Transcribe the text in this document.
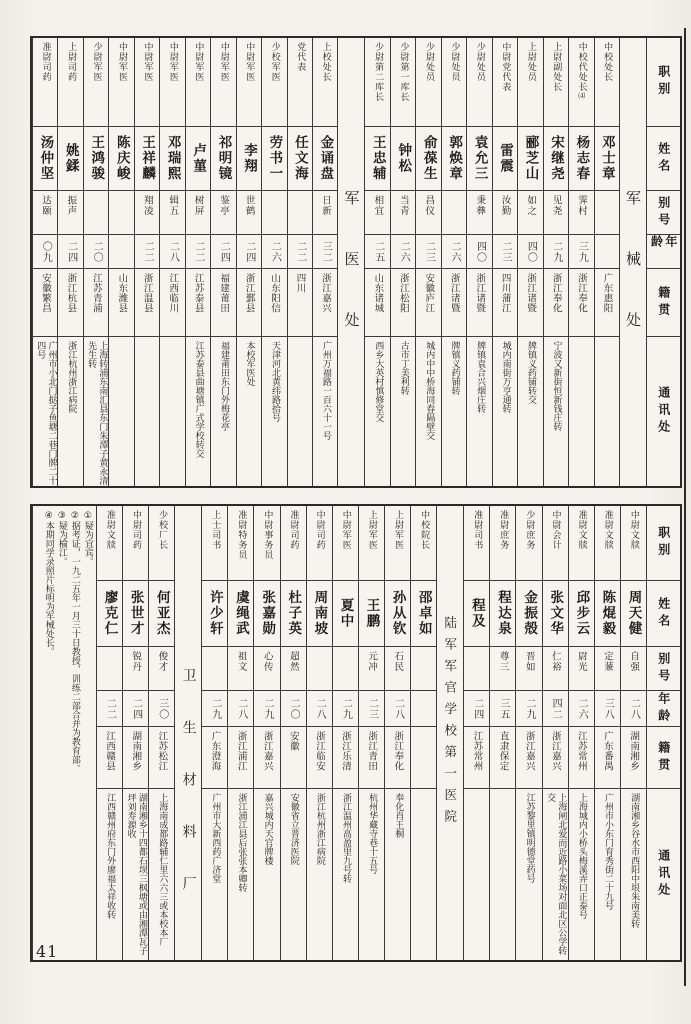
职别
姓名
别号
年龄
籍贯
通讯处
军械处
中校处长
邓士章
广东惠阳
中校代处长⑷
杨志春
霁村
三九
浙江奉化
上尉副处长
宋继尧
见尧
二九
浙江奉化
宁波又新街恒新钱庄转
上尉处员
郦芝山
如之
四〇
浙江诸暨
牌镇义药铺转交
中尉党代表
雷震
汝勤
二三
四川蒲江
城内南街万亨通转
少尉处员
袁允三
秉彝
四〇
浙江诸暨
牌镇袁合兴烟庄转
少尉处员
郭焕章
二六
浙江诸暨
牌镇义药铺转
少尉处员
俞葆生
昌仪
二三
安徽庐江
城内中中桥海同春隔壁交
少尉第一库长
钟松
当青
二六
浙江松阳
古市丁美利转
少尉第二库长
王忠辅
相宜
二五
山东诸城
西乡大英村慎修堂交
军医处
上校处长
金诵盘
日新
三二
浙江嘉兴
广州万福路一百六十一号
党代表
任文海
二二
四川
少校军医
劳书一
二六
山东阳信
天津河北黄纬路拾号
中尉军医
李翔
世鹤
二四
浙江鄞县
本校军医处
中尉军医
祁明镜
鉴亭
二四
福建莆田
福建莆田东门外梅花亭
中尉军医
卢菫
树屏
二二
江苏泰县
江苏泰县曲塘镇广式学校转交
中尉军医
邓瑞熙
辑五
二八
江西临川
中尉军医
王祥麟
翔凌
二二
浙江温县
中尉军医
陈庆峻
山东潍县
少尉军医
王鸿骏
二〇
江苏青浦
上海转浦东南汇县东门朱潭子黄永清先生转
上尉司药
姚鍒
振声
二四
浙江杭县
浙江杭州浙江病院
准尉司药
汤仲坚
达颐
〇九
安徽繁昌
广州市小北门挞子鱼塘二巷门牌二十四号
职别
姓名
别号
年龄
籍贯
通讯处
中尉文牍
周天健
自强
二八
湖南湘乡
湖南湘乡谷水市西阳中垠朱南美转
准尉文牍
陈焜毅
定蒹
三八
广东番禺
广州市小东门育秀街二十九号
准尉文牍
邱步云
尉光
二六
江苏常州
上海城内小桥头梅溪弄口正泰号
中尉会计
张文华
仁裕
四二
浙江嘉兴
上海闸北爱而近路小菜场对面北区公学转交
少尉庶务
金振殻
晋如
二九
浙江嘉兴
江苏黎里镇明德堂药号
准尉庶务
程达泉
尊三
三五
直隶保定
准尉司书
程及
二四
江苏常州
陆军军官学校第一医院
中校院长
邵卓如
上尉军医
孙从钦
石民
二八
浙江奉化
奉化肖王桐
上尉军医
王鹏
元冲
二三
浙江青田
杭州华藏寺巷十五号
中尉军医
夏中
二九
浙江乐清
浙江温州高盈里九号转
中尉司药
周南坡
二八
浙江临安
浙江杭州浙江病院
准尉司药
杜子英
超然
二〇
安徽
安徽省立普济医院
中尉事务员
张嘉勋
心传
二九
浙江嘉兴
嘉兴城内天官牌楼
准尉特务员
虞绳武
祖文
二八
浙江浦江
浙江浦江县后张张本卿转
上士司书
许少轩
二九
广东澄海
广州市大新西药广济堂
卫生材料厂
少校厂长
何亚杰
俊才
三〇
江苏松江
上海南成都路辅仁里六六三或本校本厂
中尉司药
张世才
锐丹
二四
湖南湘乡
湖南湘乡十四都石坝三枫塘或由湘潭瓦子坪刘寿源收
准尉文牍
廖克仁
二二
江西赣县
江西赣州府东门外廖福太祥收转
①疑为宜宾。
②据考证，一九二五年一月三十日教授、训练二部合并为教育部。
③疑为榆江。
④本期同学录照片标明为军械处长。
41
